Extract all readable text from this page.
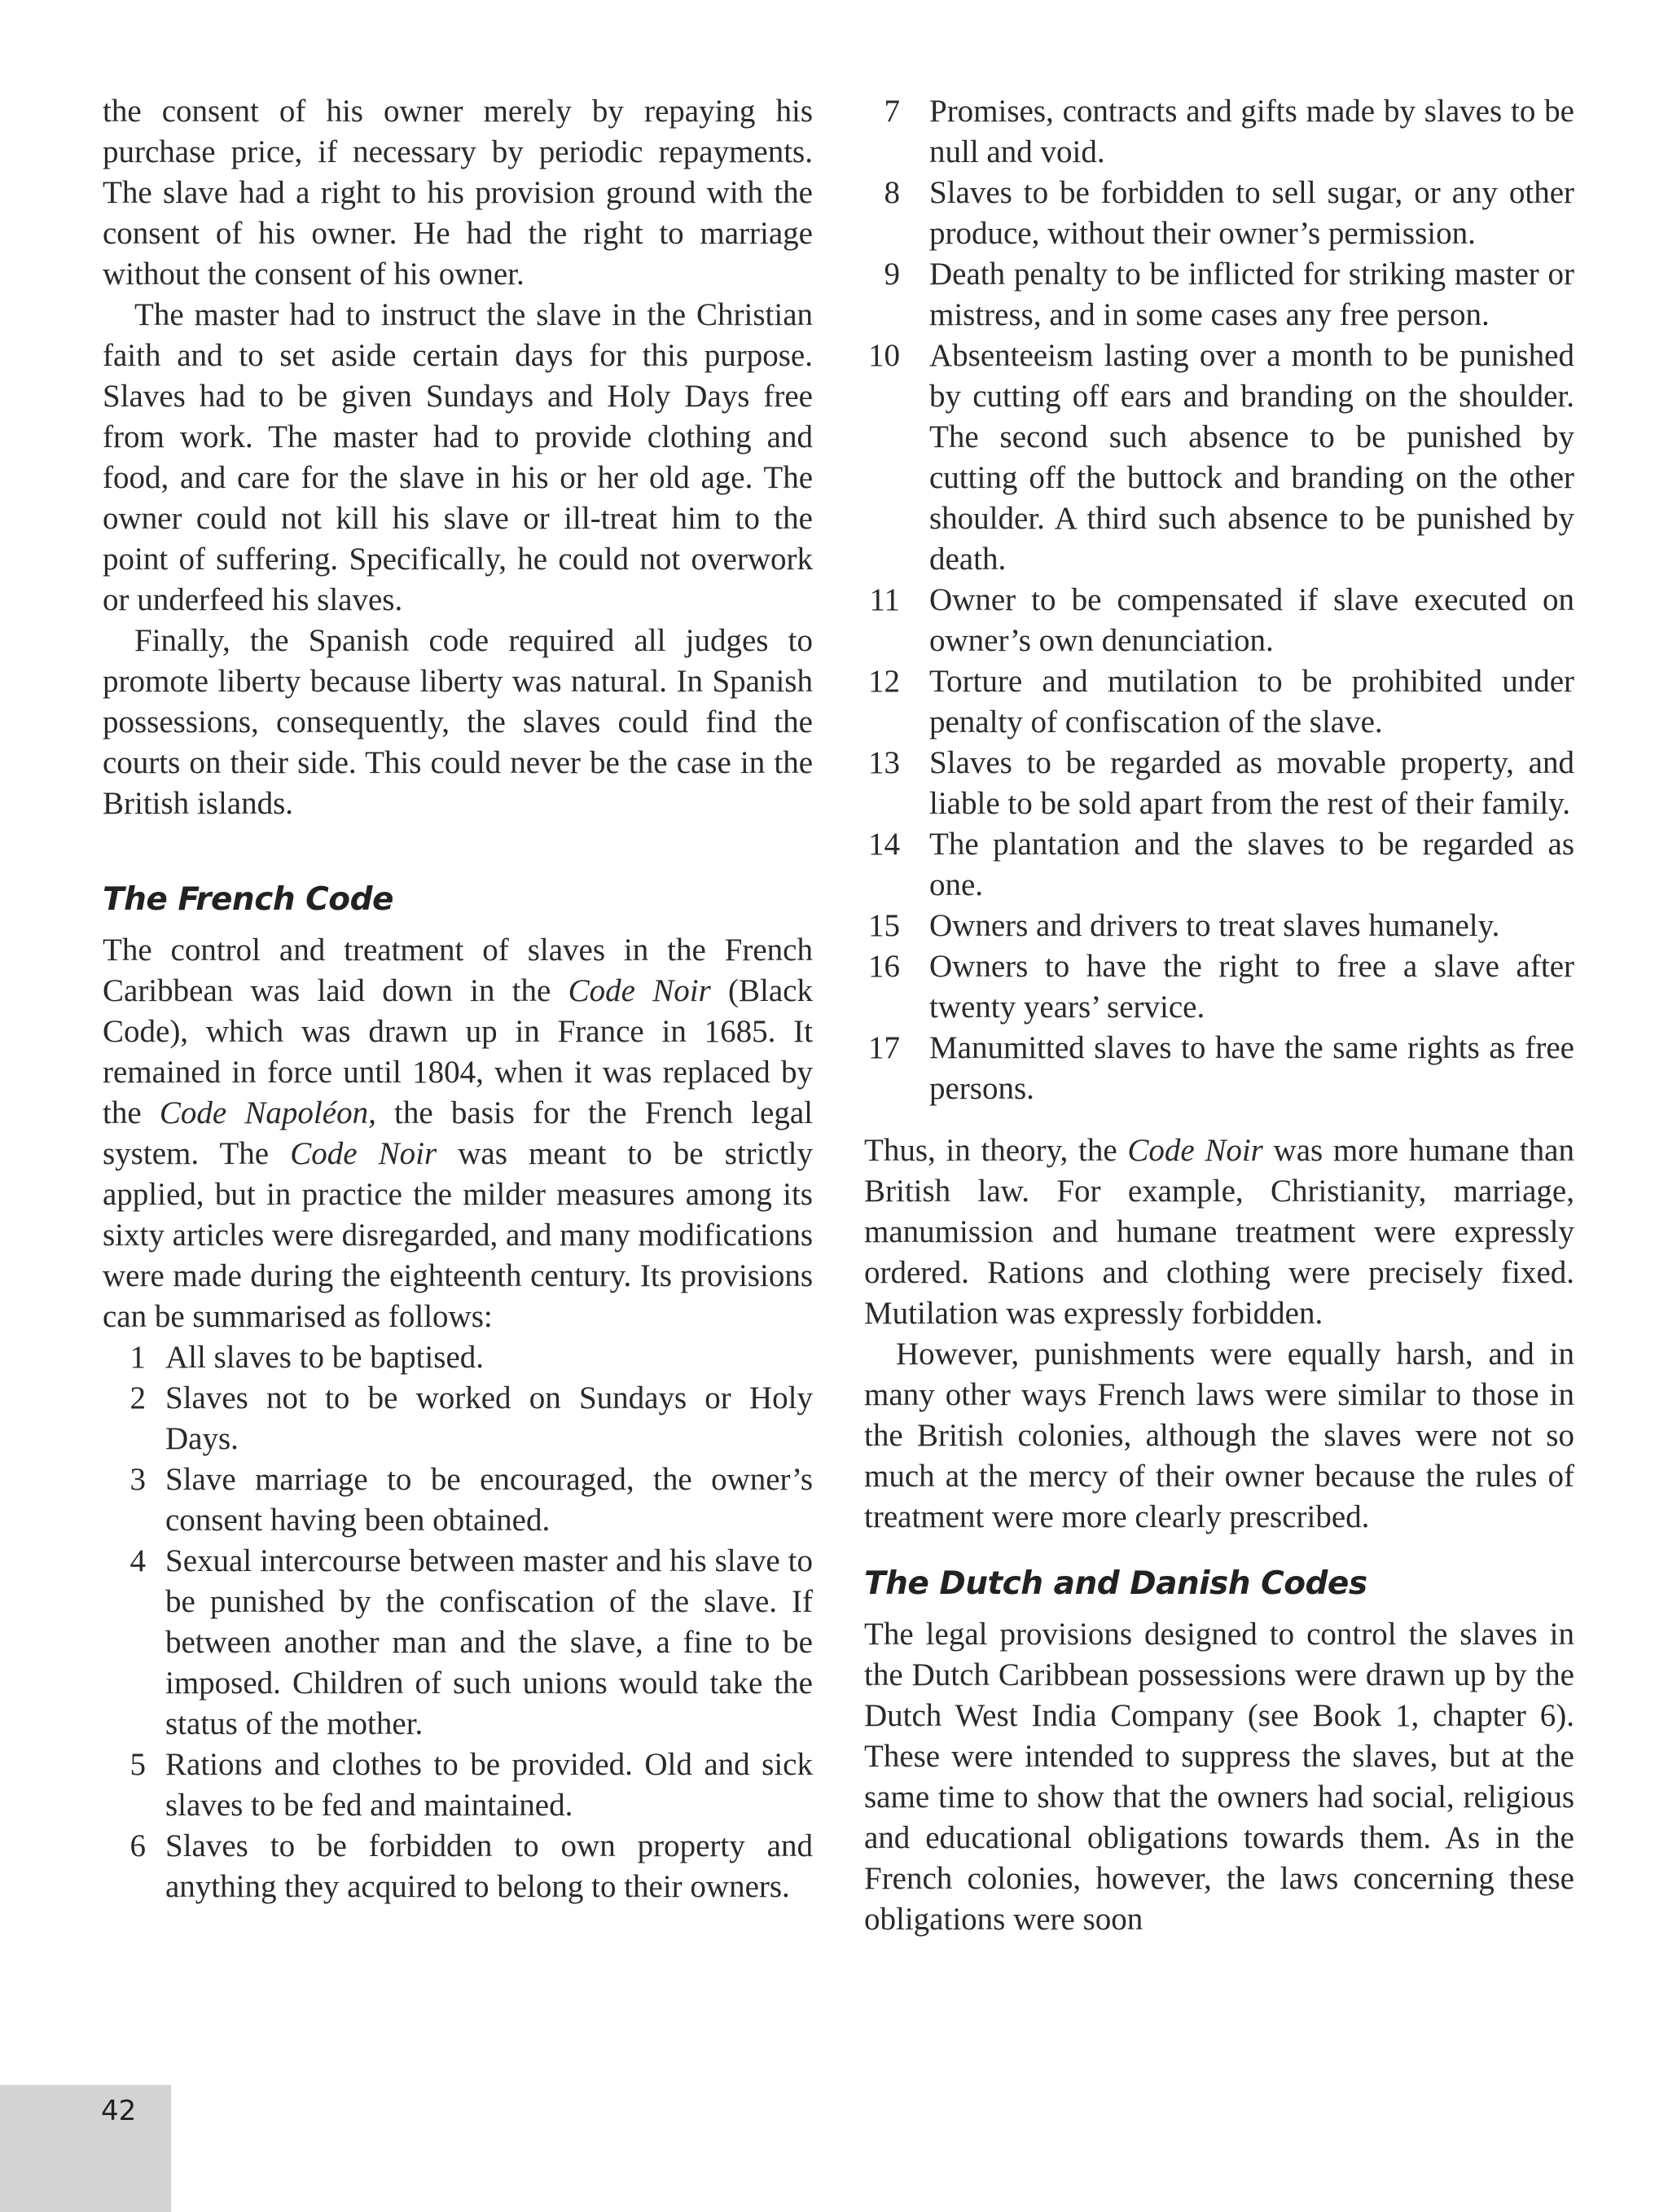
the consent of his owner merely by repaying his purchase price, if necessary by periodic repayments. The slave had a right to his provision ground with the consent of his owner. He had the right to marriage without the consent of his owner.

The master had to instruct the slave in the Christian faith and to set aside certain days for this purpose. Slaves had to be given Sundays and Holy Days free from work. The master had to provide clothing and food, and care for the slave in his or her old age. The owner could not kill his slave or ill-treat him to the point of suffering. Specifically, he could not overwork or underfeed his slaves.

Finally, the Spanish code required all judges to promote liberty because liberty was natural. In Spanish possessions, consequently, the slaves could find the courts on their side. This could never be the case in the British islands.

The French Code

The control and treatment of slaves in the French Caribbean was laid down in the Code Noir (Black Code), which was drawn up in France in 1685. It remained in force until 1804, when it was replaced by the Code Napoléon, the basis for the French legal system. The Code Noir was meant to be strictly applied, but in practice the milder measures among its sixty articles were disregarded, and many modifications were made during the eighteenth century. Its provisions can be summarised as follows:

1 All slaves to be baptised.
2 Slaves not to be worked on Sundays or Holy Days.
3 Slave marriage to be encouraged, the owner’s consent having been obtained.
4 Sexual intercourse between master and his slave to be punished by the confiscation of the slave. If between another man and the slave, a fine to be imposed. Children of such unions would take the status of the mother.
5 Rations and clothes to be provided. Old and sick slaves to be fed and maintained.
6 Slaves to be forbidden to own property and anything they acquired to belong to their owners.
7 Promises, contracts and gifts made by slaves to be null and void.
8 Slaves to be forbidden to sell sugar, or any other produce, without their owner’s permission.
9 Death penalty to be inflicted for striking master or mistress, and in some cases any free person.
10 Absenteeism lasting over a month to be punished by cutting off ears and branding on the shoulder. The second such absence to be punished by cutting off the buttock and branding on the other shoulder. A third such absence to be punished by death.
11 Owner to be compensated if slave executed on owner’s own denunciation.
12 Torture and mutilation to be prohibited under penalty of confiscation of the slave.
13 Slaves to be regarded as movable property, and liable to be sold apart from the rest of their family.
14 The plantation and the slaves to be regarded as one.
15 Owners and drivers to treat slaves humanely.
16 Owners to have the right to free a slave after twenty years’ service.
17 Manumitted slaves to have the same rights as free persons.

Thus, in theory, the Code Noir was more humane than British law. For example, Christianity, marriage, manumission and humane treatment were expressly ordered. Rations and clothing were precisely fixed. Mutilation was expressly forbidden.

However, punishments were equally harsh, and in many other ways French laws were similar to those in the British colonies, although the slaves were not so much at the mercy of their owner because the rules of treatment were more clearly prescribed.

The Dutch and Danish Codes

The legal provisions designed to control the slaves in the Dutch Caribbean possessions were drawn up by the Dutch West India Company (see Book 1, chapter 6). These were intended to suppress the slaves, but at the same time to show that the owners had social, religious and educational obligations towards them. As in the French colonies, however, the laws concerning these obligations were soon

42
